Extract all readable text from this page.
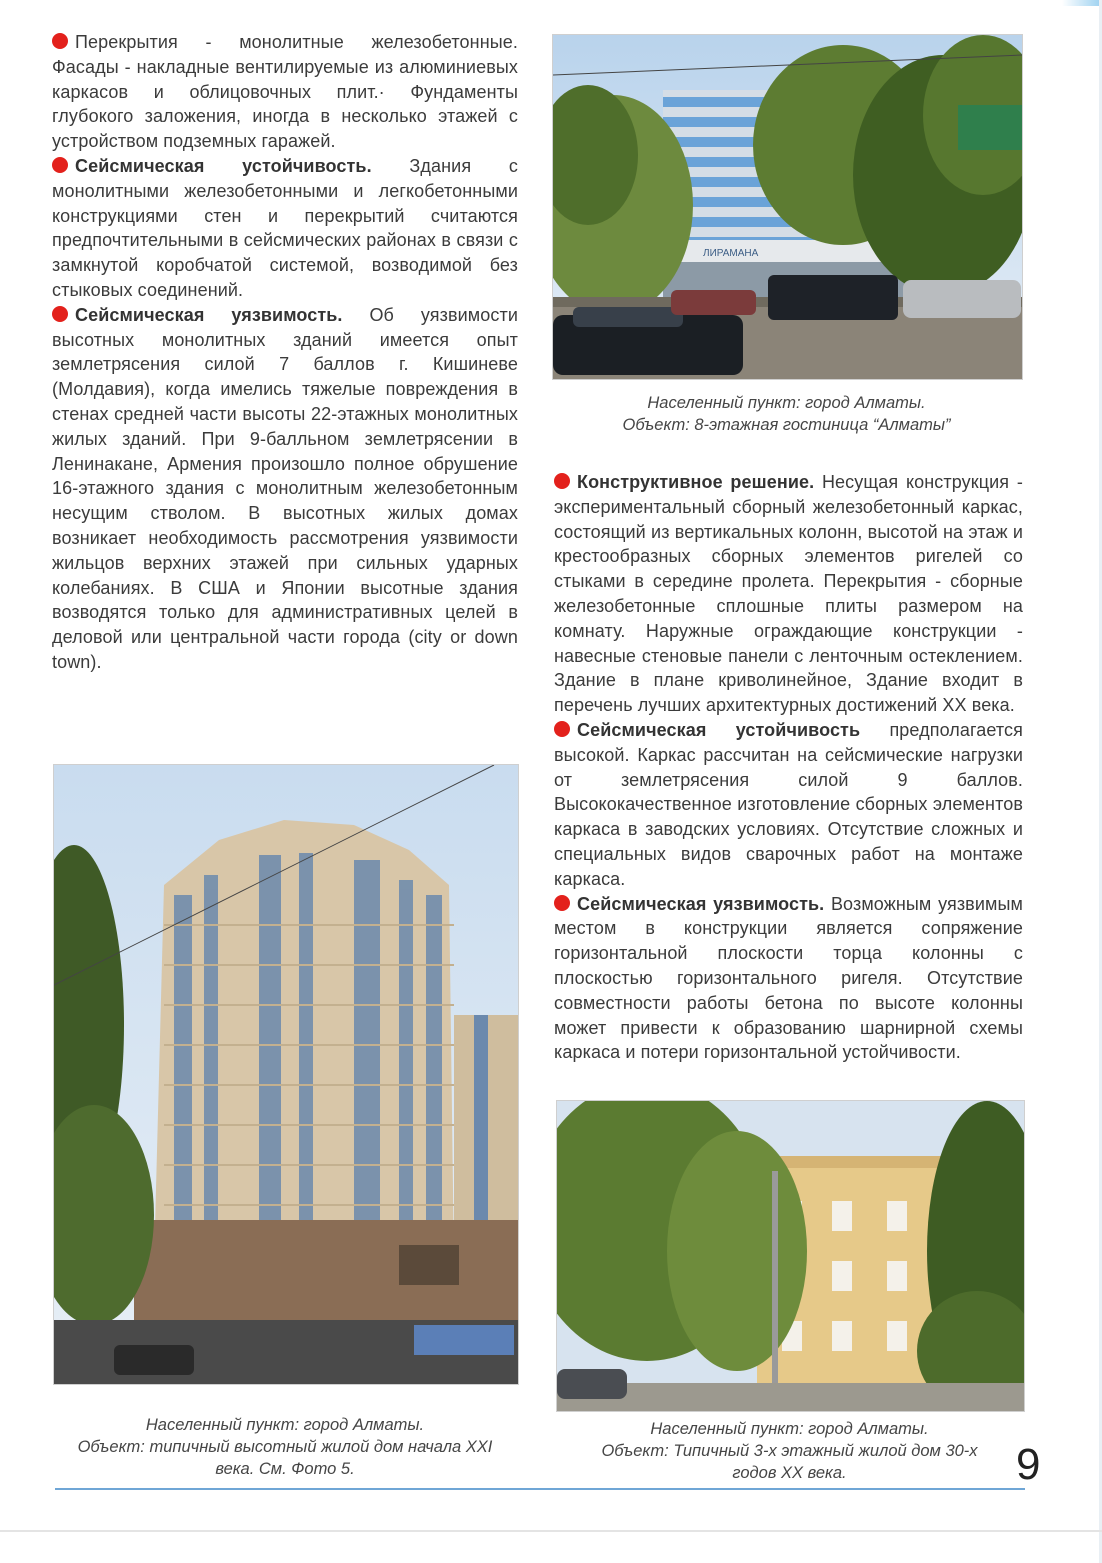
Перекрытия - монолитные железобетонные. Фасады - накладные вентилируемые из алюминиевых каркасов и облицовочных плит.· Фундаменты глубокого заложения, иногда в несколько этажей с устройством подземных гаражей.

Сейсмическая устойчивость. Здания с монолитными железобетонными и легкобетонными конструкциями стен и перекрытий считаются предпочтительными в сейсмических районах в связи с замкнутой коробчатой системой, возводимой без стыковых соединений.

Сейсмическая уязвимость. Об уязвимости высотных монолитных зданий имеется опыт землетрясения силой 7 баллов г. Кишиневе (Молдавия), когда имелись тяжелые повреждения в стенах средней части высоты 22-этажных монолитных жилых зданий. При 9-балльном землетрясении в Ленинакане, Армения произошло полное обрушение 16-этажного здания с монолитным железобетонным несущим стволом. В высотных жилых домах возникает необходимость рассмотрения уязвимости жильцов верхних этажей при сильных ударных колебаниях. В США и Японии высотные здания возводятся только для административных целей в деловой или центральной части города (city or down town).

Конструктивное решение. Несущая конструкция - экспериментальный сборный железобетонный каркас, состоящий из вертикальных колонн, высотой на этаж и крестообразных сборных элементов ригелей со стыками в середине пролета. Перекрытия - сборные железобетонные сплошные плиты размером на комнату. Наружные ограждающие конструкции - навесные стеновые панели с ленточным остеклением. Здание в плане криволинейное, Здание входит в перечень лучших архитектурных достижений XX века.

Сейсмическая устойчивость предполагается высокой. Каркас рассчитан на сейсмические нагрузки от землетрясения силой 9 баллов. Высококачественное изготовление сборных элементов каркаса в заводских условиях. Отсутствие сложных и специальных видов сварочных работ на монтаже каркаса.

Сейсмическая уязвимость. Возможным уязвимым местом в конструкции является сопряжение горизонтальной плоскости торца колонны с плоскостью горизонтального ригеля. Отсутствие совместности работы бетона по высоте колонны может привести к образованию шарнирной схемы каркаса и потери горизонтальной устойчивости.

ЛИРАМАНА
Населенный пункт: город Алматы.
Объект: 8-этажная гостиница “Алматы”
Населенный пункт: город Алматы.
Объект: типичный высотный жилой дом начала XXI
века. См. Фото 5.
Населенный пункт: город Алматы.
Объект: Типичный 3-х этажный жилой дом 30-х
годов XX века.	9
